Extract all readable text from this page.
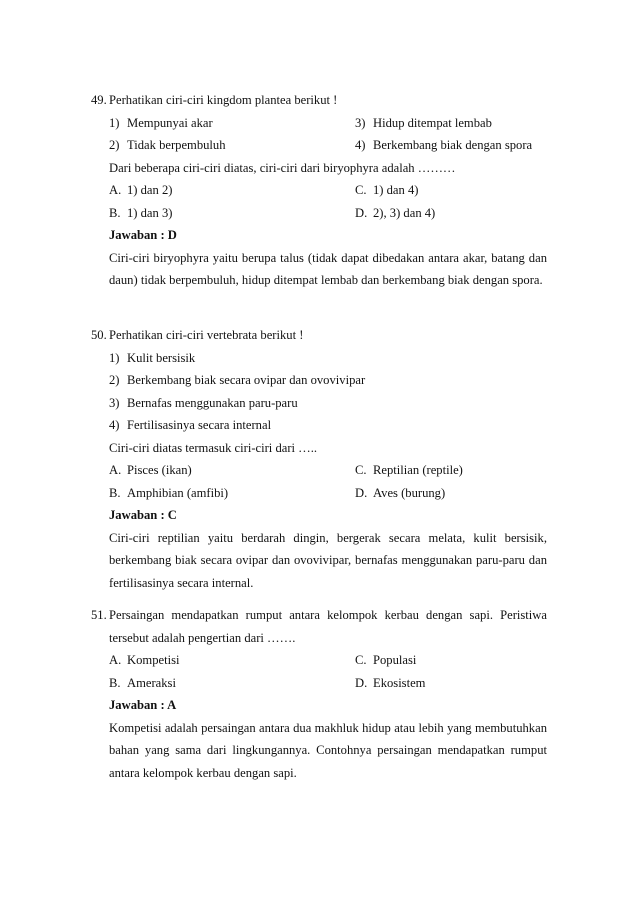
49. Perhatikan ciri-ciri kingdom plantea berikut !
1) Mempunyai akar	3) Hidup ditempat lembab
2) Tidak berpembuluh	4) Berkembang biak dengan spora
Dari beberapa ciri-ciri diatas, ciri-ciri dari biryophyra adalah ………
A. 1) dan 2)	C. 1) dan 4)
B. 1) dan 3)	D. 2), 3) dan 4)
Jawaban : D
Ciri-ciri biryophyra yaitu berupa talus (tidak dapat dibedakan antara akar, batang dan daun) tidak berpembuluh, hidup ditempat lembab dan berkembang biak dengan spora.
50. Perhatikan ciri-ciri vertebrata berikut !
1) Kulit bersisik
2) Berkembang biak secara ovipar dan ovovivipar
3) Bernafas menggunakan paru-paru
4) Fertilisasinya secara internal
Ciri-ciri diatas termasuk ciri-ciri dari …..
A. Pisces (ikan)	C. Reptilian (reptile)
B. Amphibian (amfibi)	D. Aves (burung)
Jawaban : C
Ciri-ciri reptilian yaitu berdarah dingin, bergerak secara melata, kulit bersisik, berkembang biak secara ovipar dan ovovivipar, bernafas menggunakan paru-paru dan fertilisasinya secara internal.
51. Persaingan mendapatkan rumput antara kelompok kerbau dengan sapi. Peristiwa tersebut adalah pengertian dari …….
A. Kompetisi	C. Populasi
B. Ameraksi	D. Ekosistem
Jawaban : A
Kompetisi adalah persaingan antara dua makhluk hidup atau lebih yang membutuhkan bahan yang sama dari lingkungannya. Contohnya persaingan mendapatkan rumput antara kelompok kerbau dengan sapi.
